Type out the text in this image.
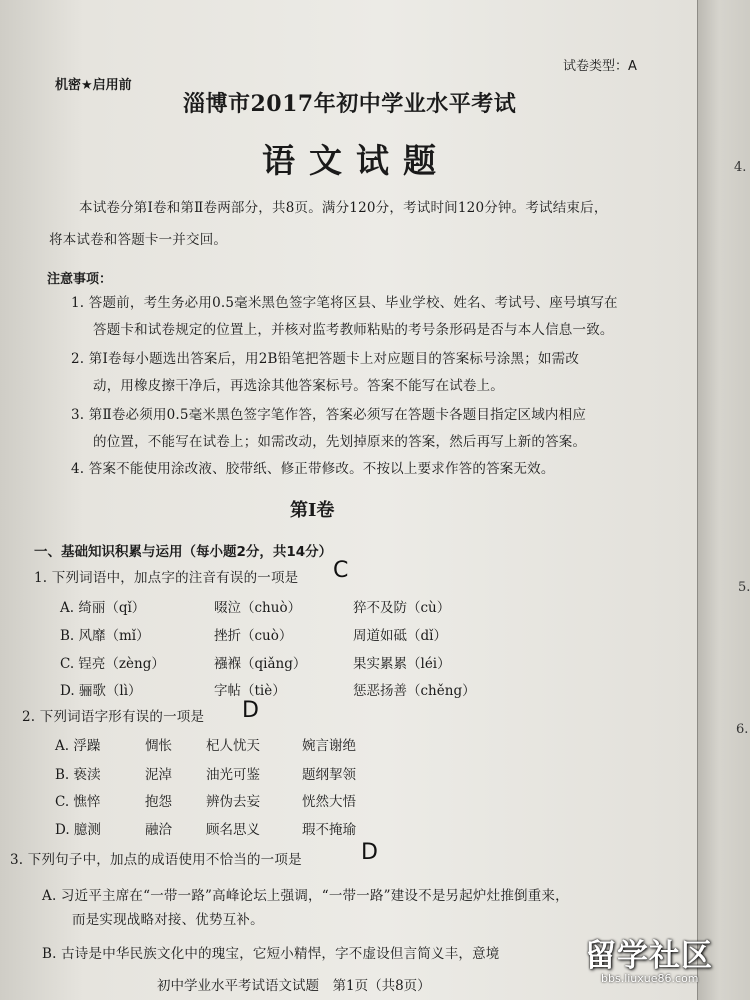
4.
5.
6.
机密★启用前
试卷类型：A
淄博市2017年初中学业水平考试
语文试题
本试卷分第Ⅰ卷和第Ⅱ卷两部分，共8页。满分120分，考试时间120分钟。考试结束后，
将本试卷和答题卡一并交回。
注意事项：
1. 答题前，考生务必用0.5毫米黑色签字笔将区县、毕业学校、姓名、考试号、座号填写在
答题卡和试卷规定的位置上，并核对监考教师粘贴的考号条形码是否与本人信息一致。
2. 第Ⅰ卷每小题选出答案后，用2B铅笔把答题卡上对应题目的答案标号涂黑；如需改
动，用橡皮擦干净后，再选涂其他答案标号。答案不能写在试卷上。
3. 第Ⅱ卷必须用0.5毫米黑色签字笔作答，答案必须写在答题卡各题目指定区域内相应
的位置，不能写在试卷上；如需改动，先划掉原来的答案，然后再写上新的答案。
4. 答案不能使用涂改液、胶带纸、修正带修改。不按以上要求作答的答案无效。
第Ⅰ卷
一、基础知识积累与运用（每小题2分，共14分）
1. 下列词语中，加点字的注音有误的一项是 C
A. 绮丽（qǐ）	啜泣（chuò）	猝不及防（cù）
B. 风靡（mǐ）	挫折（cuò）	周道如砥（dǐ）
C. 锃亮（zèng）	襁褓（qiǎng）	果实累累（léi）
D. 骊歌（lì）	字帖（tiè）	惩恶扬善（chěng）
2. 下列词语字形有误的一项是 D
A. 浮躁	惆怅	杞人忧天	婉言谢绝
B. 亵渎	泥淖	油光可鉴	题纲挈领
C. 憔悴	抱怨	辨伪去妄	恍然大悟
D. 臆测	融洽	顾名思义	瑕不掩瑜
3. 下列句子中，加点的成语使用不恰当的一项是	D
A. 习近平主席在“一带一路”高峰论坛上强调，“一带一路”建设不是另起炉灶推倒重来，
而是实现战略对接、优势互补。
B. 古诗是中华民族文化中的瑰宝，它短小精悍，字不虚设但言简义丰，意境
初中学业水平考试语文试题　第1页（共8页）
留学社区
bbs.liuxue86.com
